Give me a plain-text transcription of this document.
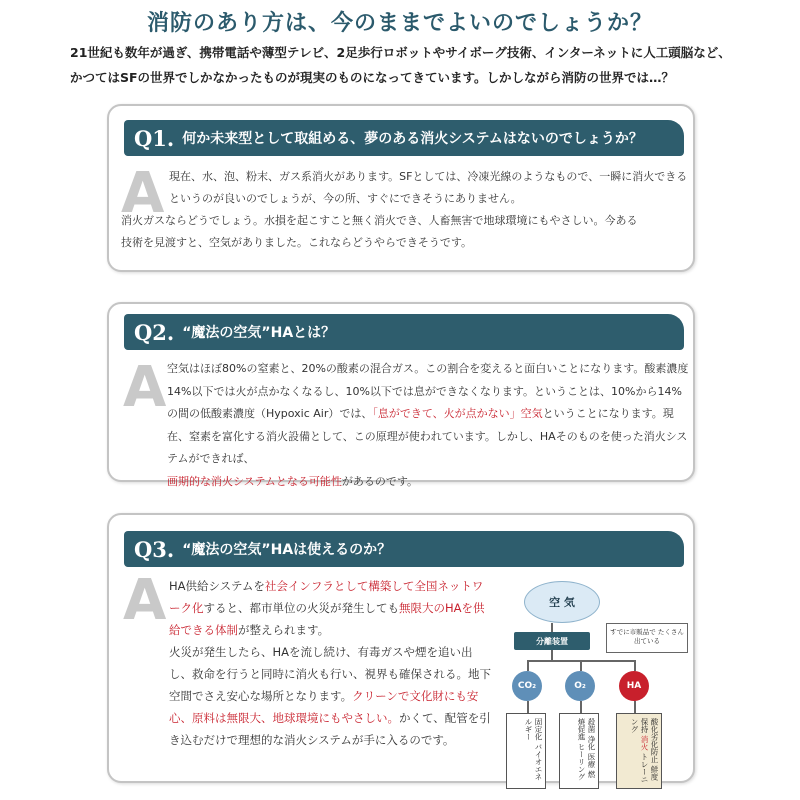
消防のあり方は、今のままでよいのでしょうか？
21世紀も数年が過ぎ、携帯電話や薄型テレビ、2足歩行ロボットやサイボーグ技術、インターネットに人工頭脳など、
かつてはSFの世界でしかなかったものが現実のものになってきています。しかしながら消防の世界では…？
Q1. 何か未来型として取組める、夢のある消火システムはないのでしょうか？
A 現在、水、泡、粉末、ガス系消火があります。SFとしては、冷凍光線のようなもので、一瞬に消火できるというのが良いのでしょうが、今の所、すぐにできそうにありません。

消火ガスならどうでしょう。水損を起こすこと無く消火でき、人畜無害で地球環境にもやさしい。今ある技術を見渡すと、空気がありました。これならどうやらできそうです。

Q2. “魔法の空気”HAとは？
A 空気はほぼ80%の窒素と、20%の酸素の混合ガス。この割合を変えると面白いことになります。酸素濃度14%以下では火が点かなくなるし、10%以下では息ができなくなります。ということは、10%から14%の間の低酸素濃度（Hypoxic Air）では、「息ができて、火が点かない」空気ということになります。現在、窒素を富化する消火設備として、この原理が使われています。しかし、HAそのものを使った消火システムができれば、
画期的な消火システムとなる可能性があるのです。
Q3. “魔法の空気”HAは使えるのか？
A HA供給システムを社会インフラとして構築して全国ネットワーク化すると、都市単位の火災が発生しても無限大のHAを供給できる体制が整えられます。

火災が発生したら、HAを流し続け、有毒ガスや煙を追い出し、救命を行うと同時に消火も行い、視界も確保される。地下空間でさえ安心な場所となります。クリーンで文化財にも安心、原料は無限大、地球環境にもやさしい。かくて、配管を引き込むだけで理想的な消火システムが手に入るのです。

空 気
分離装置
すでに市販品で たくさん出ている
CO₂	O₂	HA
固定化 バイオエネルギー	殺菌 浄化 医療 燃焼促進 ヒーリング	酸化劣化防止 鮮度保持 消火 トレーニング
